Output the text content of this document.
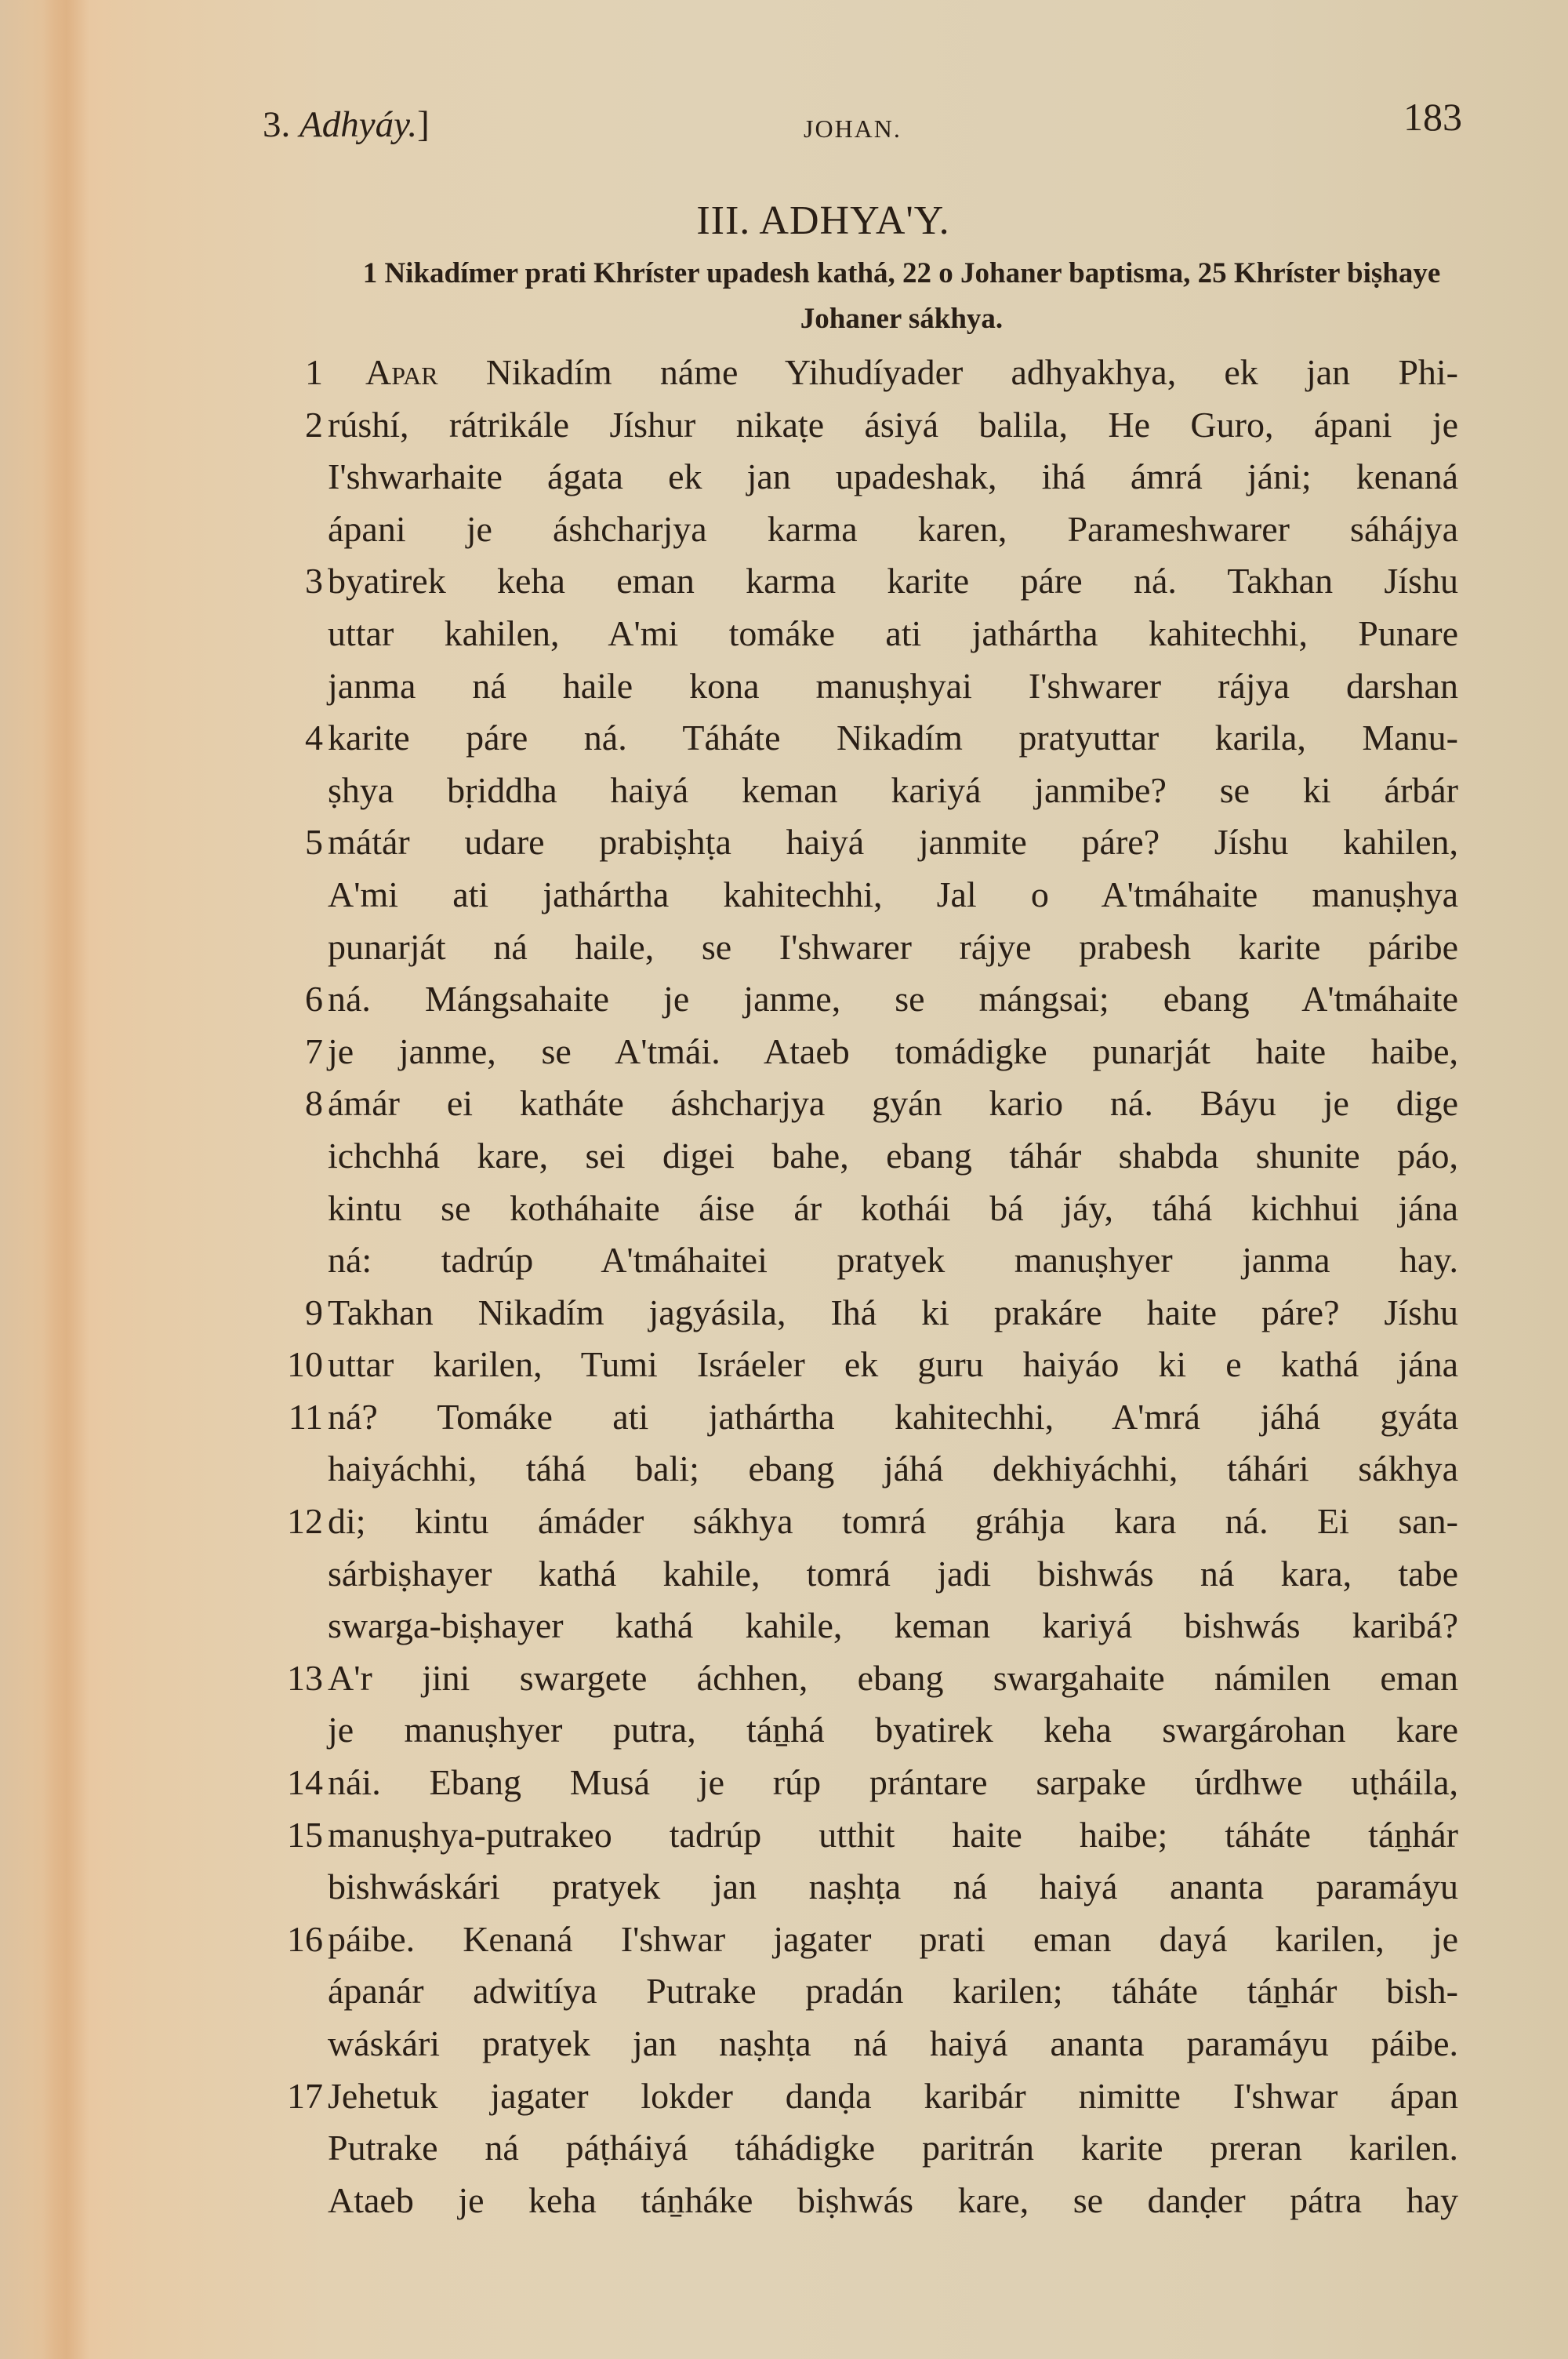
3. Adhyáy.]	JOHAN.	183
III. ADHYA'Y.
1 Nikadímer prati Khríster upadesh kathá, 22 o Johaner baptisma, 25 Khríster biṣhaye Johaner sákhya.
1	Apar Nikadím náme Yihudíyader adhyakhya, ek jan Phi-
2 rúshí, rátrikále Jíshur nikaṭe ásiyá balila, He Guro, ápani je
I'shwarhaite ágata ek jan upadeshak, ihá ámrá jáni; kenaná
ápani je áshcharjya karma karen, Parameshwarer sáhájya
3 byatirek keha eman karma karite páre ná. Takhan Jíshu
uttar kahilen, A'mi tomáke ati jathártha kahitechhi, Punare
janma ná haile kona manuṣhyai I'shwarer rájya darshan
4 karite páre ná. Táháte Nikadím pratyuttar karila, Manu-
ṣhya bṛiddha haiyá keman kariyá janmibe? se ki árbár
5 mátár udare prabiṣhṭa haiyá janmite páre? Jíshu kahilen,
A'mi ati jathártha kahitechhi, Jal o A'tmáhaite manuṣhya
punarját ná haile, se I'shwarer rájye prabesh karite páribe
6 ná. Mángsahaite je janme, se mángsai; ebang A'tmáhaite
7 je janme, se A'tmái. Ataeb tomádigke punarját haite haibe,
8 ámár ei katháte áshcharjya gyán kario ná. Báyu je dige
ichchhá kare, sei digei bahe, ebang táhár shabda shunite páo,
kintu se kotháhaite áise ár kothái bá jáy, táhá kichhui jána
ná: tadrúp A'tmáhaitei pratyek manuṣhyer janma hay.
9 Takhan Nikadím jagyásila, Ihá ki prakáre haite páre? Jíshu
10 uttar karilen, Tumi Isráeler ek guru haiyáo ki e kathá jána
11 ná? Tomáke ati jathártha kahitechhi, A'mrá jáhá gyáta
haiyáchhi, táhá bali; ebang jáhá dekhiyáchhi, táhári sákhya
12 di; kintu ámáder sákhya tomrá gráhja kara ná. Ei san-
sárbiṣhayer kathá kahile, tomrá jadi bishwás ná kara, tabe
swarga-biṣhayer kathá kahile, keman kariyá bishwás karibá?
13 A'r jini swargete áchhen, ebang swargahaite námilen eman
je manuṣhyer putra, táṉhá byatirek keha swargárohan kare
14 nái. Ebang Musá je rúp prántare sarpake úrdhwe uṭháila,
15 manuṣhya-putrakeo tadrúp utthit haite haibe; táháte táṉhár
bishwáskári pratyek jan naṣhṭa ná haiyá ananta paramáyu
16 páibe. Kenaná I'shwar jagater prati eman dayá karilen, je
ápanár adwitíya Putrake pradán karilen; táháte táṉhár bish-
wáskári pratyek jan naṣhṭa ná haiyá ananta paramáyu páibe.
17 Jehetuk jagater lokder danḍa karibár nimitte I'shwar ápan
Putrake ná páṭháiyá táhádigke paritrán karite preran karilen.
Ataeb je keha táṉháke biṣhwás kare, se danḍer pátra hay
